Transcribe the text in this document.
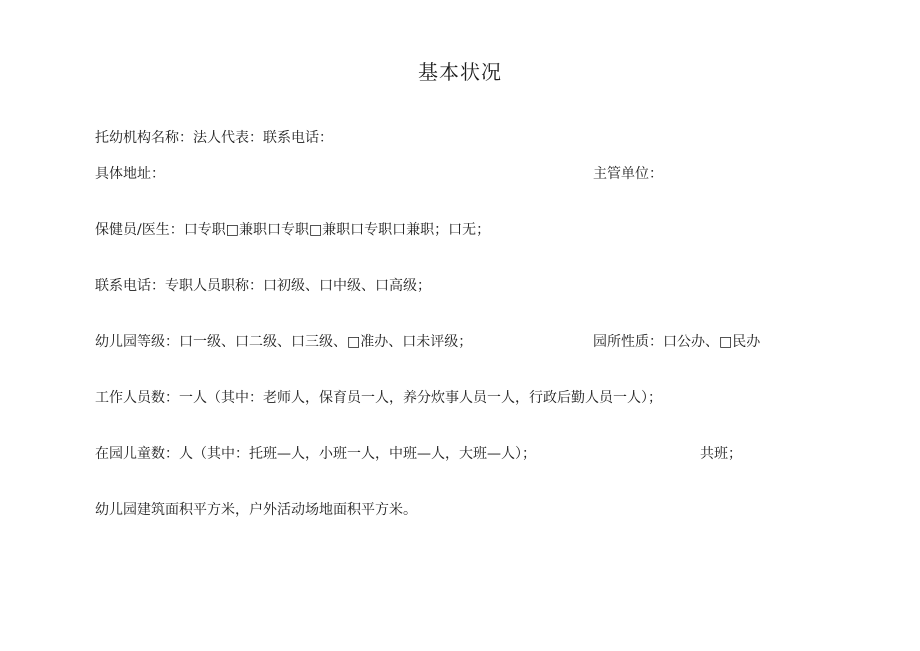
基本状况
托幼机构名称：法人代表：联系电话：
具体地址：	主管单位：
保健员/医生：口专职□兼职口专职□兼职口专职口兼职；口无；
联系电话：专职人员职称：口初级、口中级、口高级；
幼儿园等级：口一级、口二级、口三级、□准办、口未评级；	园所性质：口公办、□民办
工作人员数：一人（其中：老师人，保育员一人，养分炊事人员一人，行政后勤人员一人）；
在园儿童数：人（其中：托班—人，小班一人，中班—人，大班—人）；	共班；
幼儿园建筑面积平方米，户外活动场地面积平方米。
